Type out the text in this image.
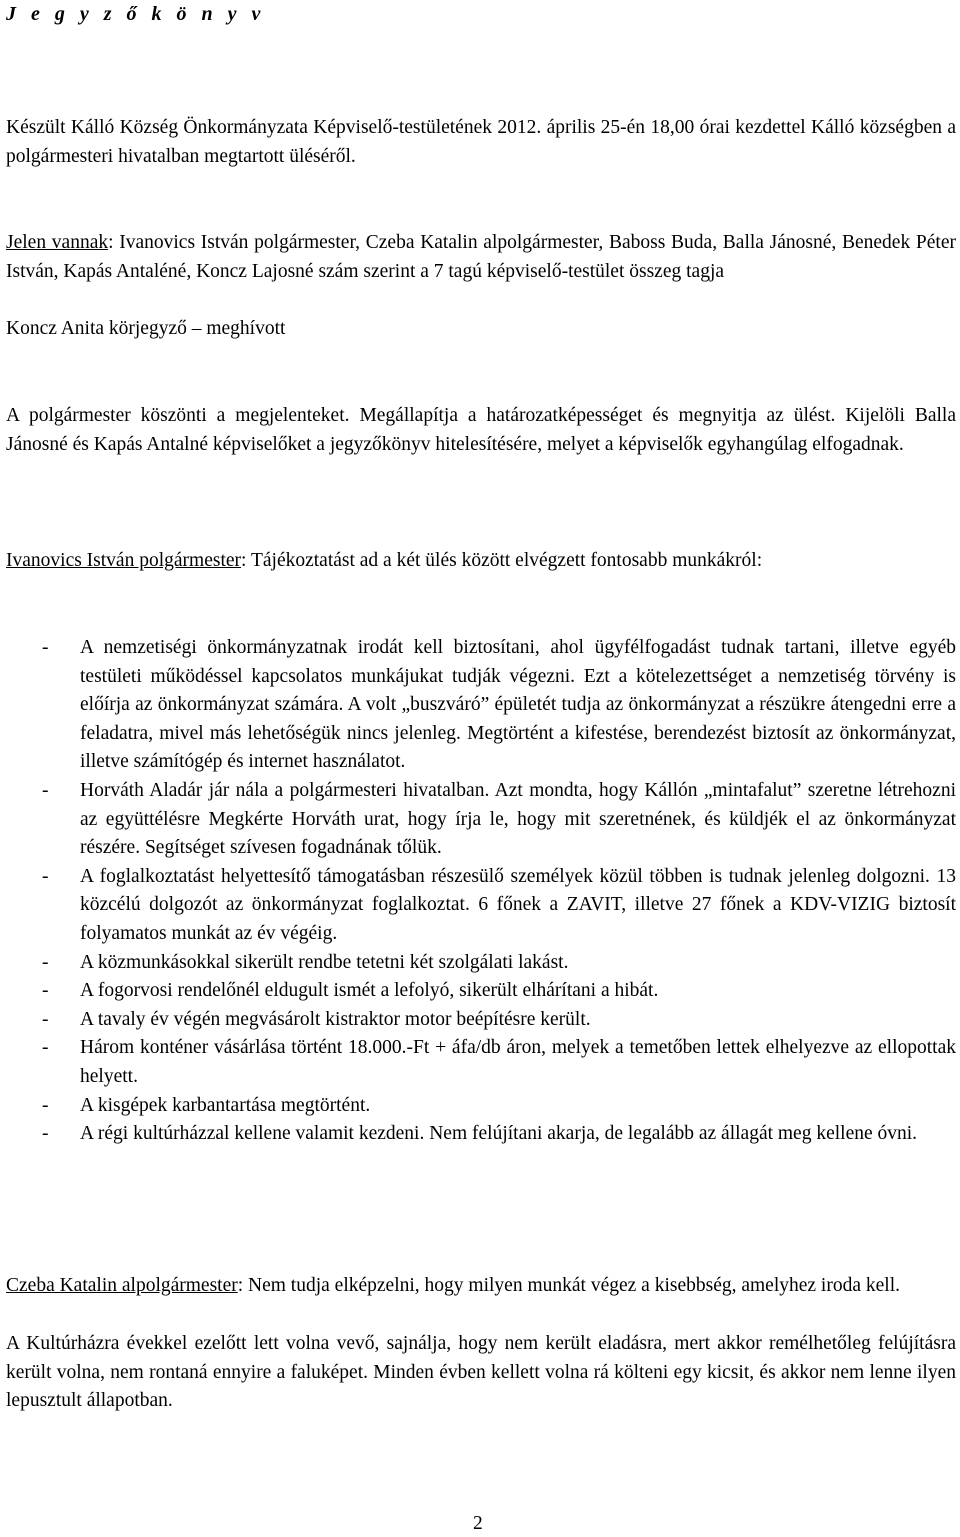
J e g y z ő k ö n y v
Készült Kálló Község Önkormányzata Képviselő-testületének 2012. április 25-én 18,00 órai kezdettel Kálló községben a polgármesteri hivatalban megtartott üléséről.
Jelen vannak: Ivanovics István polgármester, Czeba Katalin alpolgármester, Baboss Buda, Balla Jánosné, Benedek Péter István, Kapás Antaléné, Koncz Lajosné szám szerint a 7 tagú képviselő-testület összeg tagja
Koncz Anita körjegyző – meghívott
A polgármester köszönti a megjelenteket. Megállapítja a határozatképességet és megnyitja az ülést. Kijelöli Balla Jánosné és Kapás Antalné képviselőket a jegyzőkönyv hitelesítésére, melyet a képviselők egyhangúlag elfogadnak.
Ivanovics István polgármester: Tájékoztatást ad a két ülés között elvégzett fontosabb munkákról:
- A nemzetiségi önkormányzatnak irodát kell biztosítani, ahol ügyfélfogadást tudnak tartani, illetve egyéb testületi működéssel kapcsolatos munkájukat tudják végezni. Ezt a kötelezettséget a nemzetiség törvény is előírja az önkormányzat számára. A volt „buszváró” épületét tudja az önkormányzat a részükre átengedni erre a feladatra, mivel más lehetőségük nincs jelenleg. Megtörtént a kifestése, berendezést biztosít az önkormányzat, illetve számítógép és internet használatot.
- Horváth Aladár jár nála a polgármesteri hivatalban. Azt mondta, hogy Kállón „mintafalut” szeretne létrehozni az együttélésre Megkérte Horváth urat, hogy írja le, hogy mit szeretnének, és küldjék el az önkormányzat részére. Segítséget szívesen fogadnának tőlük.
- A foglalkoztatást helyettesítő támogatásban részesülő személyek közül többen is tudnak jelenleg dolgozni. 13 közcélú dolgozót az önkormányzat foglalkoztat. 6 főnek a ZAVIT, illetve 27 főnek a KDV-VIZIG biztosít folyamatos munkát az év végéig.
- A közmunkásokkal sikerült rendbe tetetni két szolgálati lakást.
- A fogorvosi rendelőnél eldugult ismét a lefolyó, sikerült elhárítani a hibát.
- A tavaly év végén megvásárolt kistraktor motor beépítésre került.
- Három konténer vásárlása történt 18.000.-Ft + áfa/db áron, melyek a temetőben lettek elhelyezve az ellopottak helyett.
- A kisgépek karbantartása megtörtént.
- A régi kultúrházzal kellene valamit kezdeni. Nem felújítani akarja, de legalább az állagát meg kellene óvni.
Czeba Katalin alpolgármester: Nem tudja elképzelni, hogy milyen munkát végez a kisebbség, amelyhez iroda kell.
A Kultúrházra évekkel ezelőtt lett volna vevő, sajnálja, hogy nem került eladásra, mert akkor remélhetőleg felújításra került volna, nem rontaná ennyire a faluképet. Minden évben kellett volna rá költeni egy kicsit, és akkor nem lenne ilyen lepusztult állapotban.
2
